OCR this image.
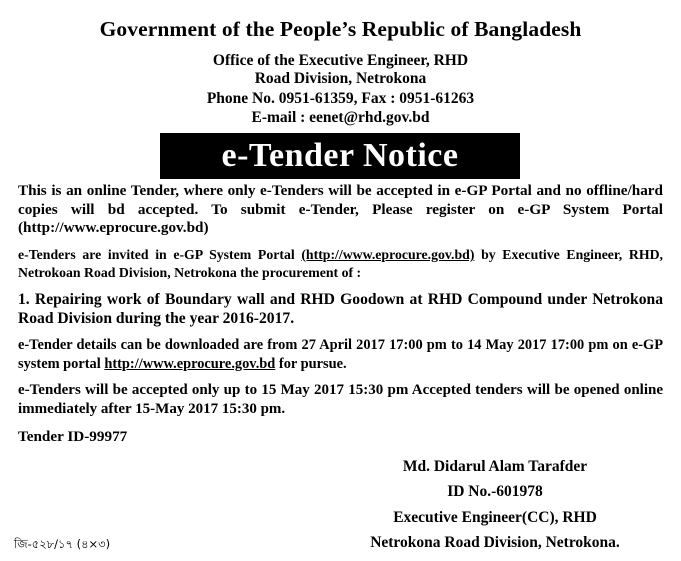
Government of the People’s Republic of Bangladesh
Office of the Executive Engineer, RHD
Road Division, Netrokona
Phone No. 0951-61359, Fax : 0951-61263
E-mail : eenet@rhd.gov.bd
e-Tender Notice
This is an online Tender, where only e-Tenders will be accepted in e-GP Portal and no offline/hard copies will bd accepted. To submit e-Tender, Please register on e-GP System Portal (http://www.eprocure.gov.bd)
e-Tenders are invited in e-GP System Portal (http://www.eprocure.gov.bd) by Executive Engineer, RHD, Netrokoan Road Division, Netrokona the procurement of :
1. Repairing work of Boundary wall and RHD Goodown at RHD Compound under Netrokona Road Division during the year 2016-2017.
e-Tender details can be downloaded are from 27 April 2017 17:00 pm to 14 May 2017 17:00 pm on e-GP system portal http://www.eprocure.gov.bd for pursue.
e-Tenders will be accepted only up to 15 May 2017 15:30 pm Accepted tenders will be opened online immediately after 15-May 2017 15:30 pm.
Tender ID-99977
Md. Didarul Alam Tarafder
ID No.-601978
Executive Engineer(CC), RHD
Netrokona Road Division, Netrokona.
জি-৫২৮/১৭ (৪×৩)
